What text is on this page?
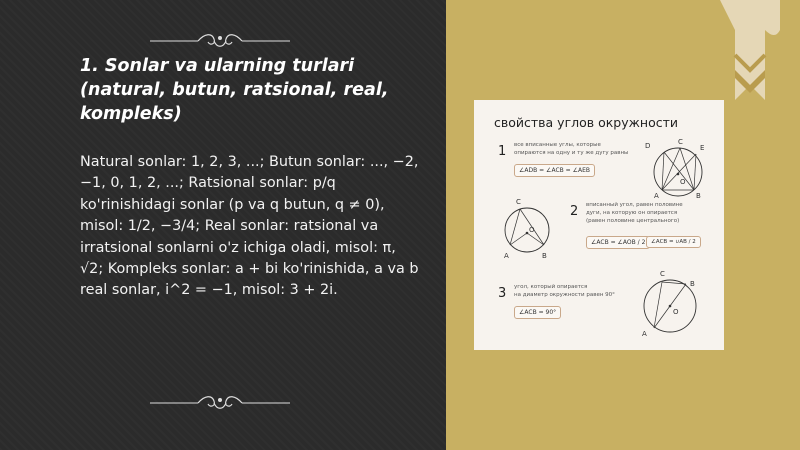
1. Sonlar va ularning turlari (natural, butun, ratsional, real, kompleks)
Natural sonlar: 1, 2, 3, ...; Butun sonlar: ..., −2, −1, 0, 1, 2, ...; Ratsional sonlar: p/q ko'rinishidagi sonlar (p va q butun, q ≠ 0), misol: 1/2, −3/4; Real sonlar: ratsional va irratsional sonlarni o'z ichiga oladi, misol: π, √2; Kompleks sonlar: a + bi ko'rinishida, a va b real sonlar, i^2 = −1, misol: 3 + 2i.
свойства углов окружности
1 все вписанные углы, которые
опираются на одну и ту же дугу равны
∠ADB = ∠ACB = ∠AEB
D	C
E
A	B
O
C
O
A	B
2 вписанный угол, равен половине
дуги, на которую он опирается
(равен половине центрального)
∠ACB = ∠AOB / 2	∠ACB = ∪AB / 2
3 угол, который опирается
на диаметр окружности равен 90°
∠ACB = 90°
C
B
O
A
